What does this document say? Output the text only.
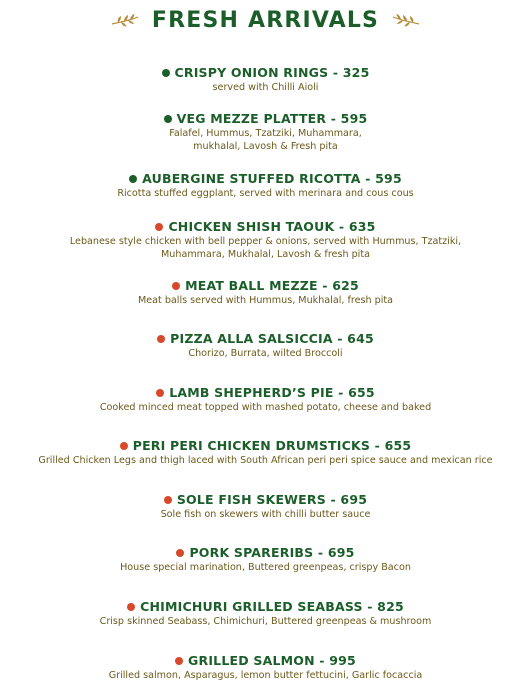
FRESH ARRIVALS
CRISPY ONION RINGS - 325
served with Chilli Aioli
VEG MEZZE PLATTER - 595
Falafel, Hummus, Tzatziki, Muhammara,
mukhalal, Lavosh & Fresh pita
AUBERGINE STUFFED RICOTTA - 595
Ricotta stuffed eggplant, served with merinara and cous cous
CHICKEN SHISH TAOUK - 635
Lebanese style chicken with bell pepper & onions, served with Hummus, Tzatziki,
Muhammara, Mukhalal, Lavosh & fresh pita
MEAT BALL MEZZE - 625
Meat balls served with Hummus, Mukhalal, fresh pita
PIZZA ALLA SALSICCIA - 645
Chorizo, Burrata, wilted Broccoli
LAMB SHEPHERD’S PIE - 655
Cooked minced meat topped with mashed potato, cheese and baked
PERI PERI CHICKEN DRUMSTICKS - 655
Grilled Chicken Legs and thigh laced with South African peri peri spice sauce and mexican rice
SOLE FISH SKEWERS - 695
Sole fish on skewers with chilli butter sauce
PORK SPARERIBS - 695
House special marination, Buttered greenpeas, crispy Bacon
CHIMICHURI GRILLED SEABASS - 825
Crisp skinned Seabass, Chimichuri, Buttered greenpeas & mushroom
GRILLED SALMON - 995
Grilled salmon, Asparagus, lemon butter fettucini, Garlic focaccia
